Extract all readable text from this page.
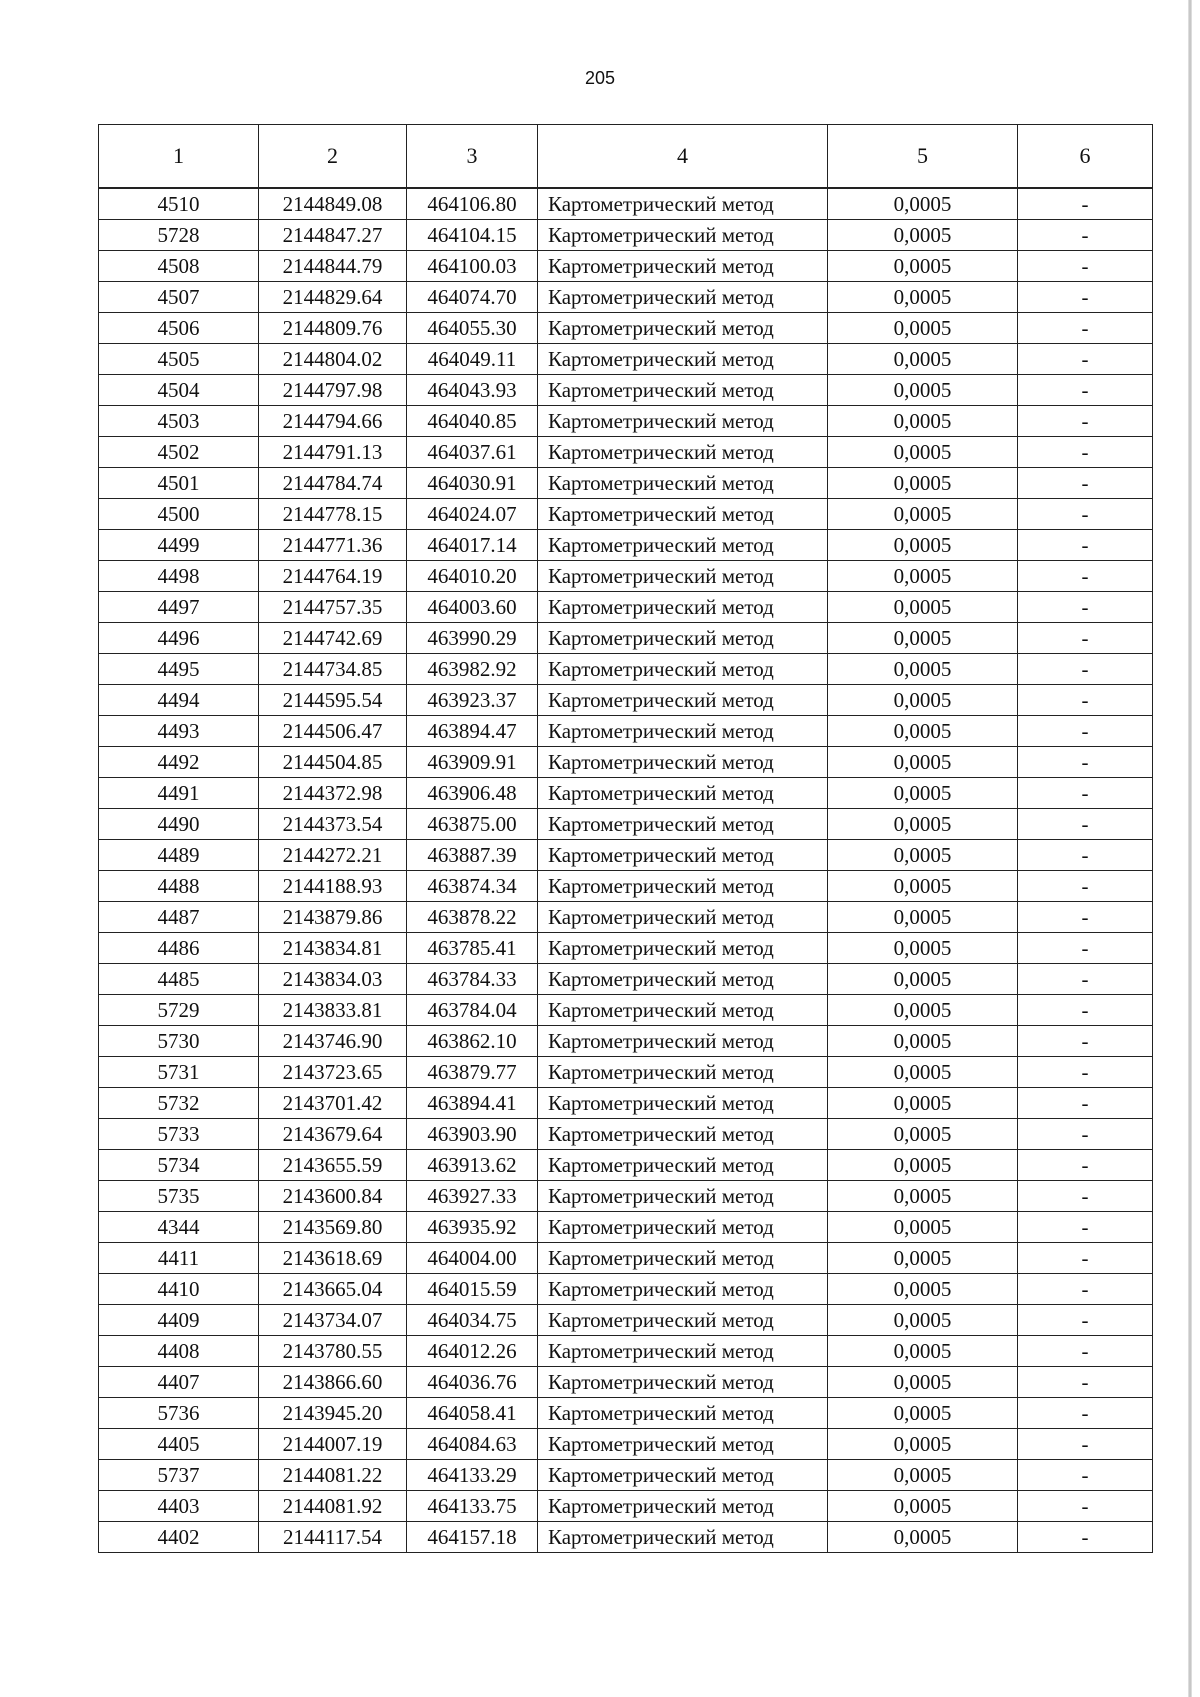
205
1	2	3	4	5	6
4510	2144849.08	464106.80	Картометрический метод	0,0005	-
5728	2144847.27	464104.15	Картометрический метод	0,0005	-
4508	2144844.79	464100.03	Картометрический метод	0,0005	-
4507	2144829.64	464074.70	Картометрический метод	0,0005	-
4506	2144809.76	464055.30	Картометрический метод	0,0005	-
4505	2144804.02	464049.11	Картометрический метод	0,0005	-
4504	2144797.98	464043.93	Картометрический метод	0,0005	-
4503	2144794.66	464040.85	Картометрический метод	0,0005	-
4502	2144791.13	464037.61	Картометрический метод	0,0005	-
4501	2144784.74	464030.91	Картометрический метод	0,0005	-
4500	2144778.15	464024.07	Картометрический метод	0,0005	-
4499	2144771.36	464017.14	Картометрический метод	0,0005	-
4498	2144764.19	464010.20	Картометрический метод	0,0005	-
4497	2144757.35	464003.60	Картометрический метод	0,0005	-
4496	2144742.69	463990.29	Картометрический метод	0,0005	-
4495	2144734.85	463982.92	Картометрический метод	0,0005	-
4494	2144595.54	463923.37	Картометрический метод	0,0005	-
4493	2144506.47	463894.47	Картометрический метод	0,0005	-
4492	2144504.85	463909.91	Картометрический метод	0,0005	-
4491	2144372.98	463906.48	Картометрический метод	0,0005	-
4490	2144373.54	463875.00	Картометрический метод	0,0005	-
4489	2144272.21	463887.39	Картометрический метод	0,0005	-
4488	2144188.93	463874.34	Картометрический метод	0,0005	-
4487	2143879.86	463878.22	Картометрический метод	0,0005	-
4486	2143834.81	463785.41	Картометрический метод	0,0005	-
4485	2143834.03	463784.33	Картометрический метод	0,0005	-
5729	2143833.81	463784.04	Картометрический метод	0,0005	-
5730	2143746.90	463862.10	Картометрический метод	0,0005	-
5731	2143723.65	463879.77	Картометрический метод	0,0005	-
5732	2143701.42	463894.41	Картометрический метод	0,0005	-
5733	2143679.64	463903.90	Картометрический метод	0,0005	-
5734	2143655.59	463913.62	Картометрический метод	0,0005	-
5735	2143600.84	463927.33	Картометрический метод	0,0005	-
4344	2143569.80	463935.92	Картометрический метод	0,0005	-
4411	2143618.69	464004.00	Картометрический метод	0,0005	-
4410	2143665.04	464015.59	Картометрический метод	0,0005	-
4409	2143734.07	464034.75	Картометрический метод	0,0005	-
4408	2143780.55	464012.26	Картометрический метод	0,0005	-
4407	2143866.60	464036.76	Картометрический метод	0,0005	-
5736	2143945.20	464058.41	Картометрический метод	0,0005	-
4405	2144007.19	464084.63	Картометрический метод	0,0005	-
5737	2144081.22	464133.29	Картометрический метод	0,0005	-
4403	2144081.92	464133.75	Картометрический метод	0,0005	-
4402	2144117.54	464157.18	Картометрический метод	0,0005	-
